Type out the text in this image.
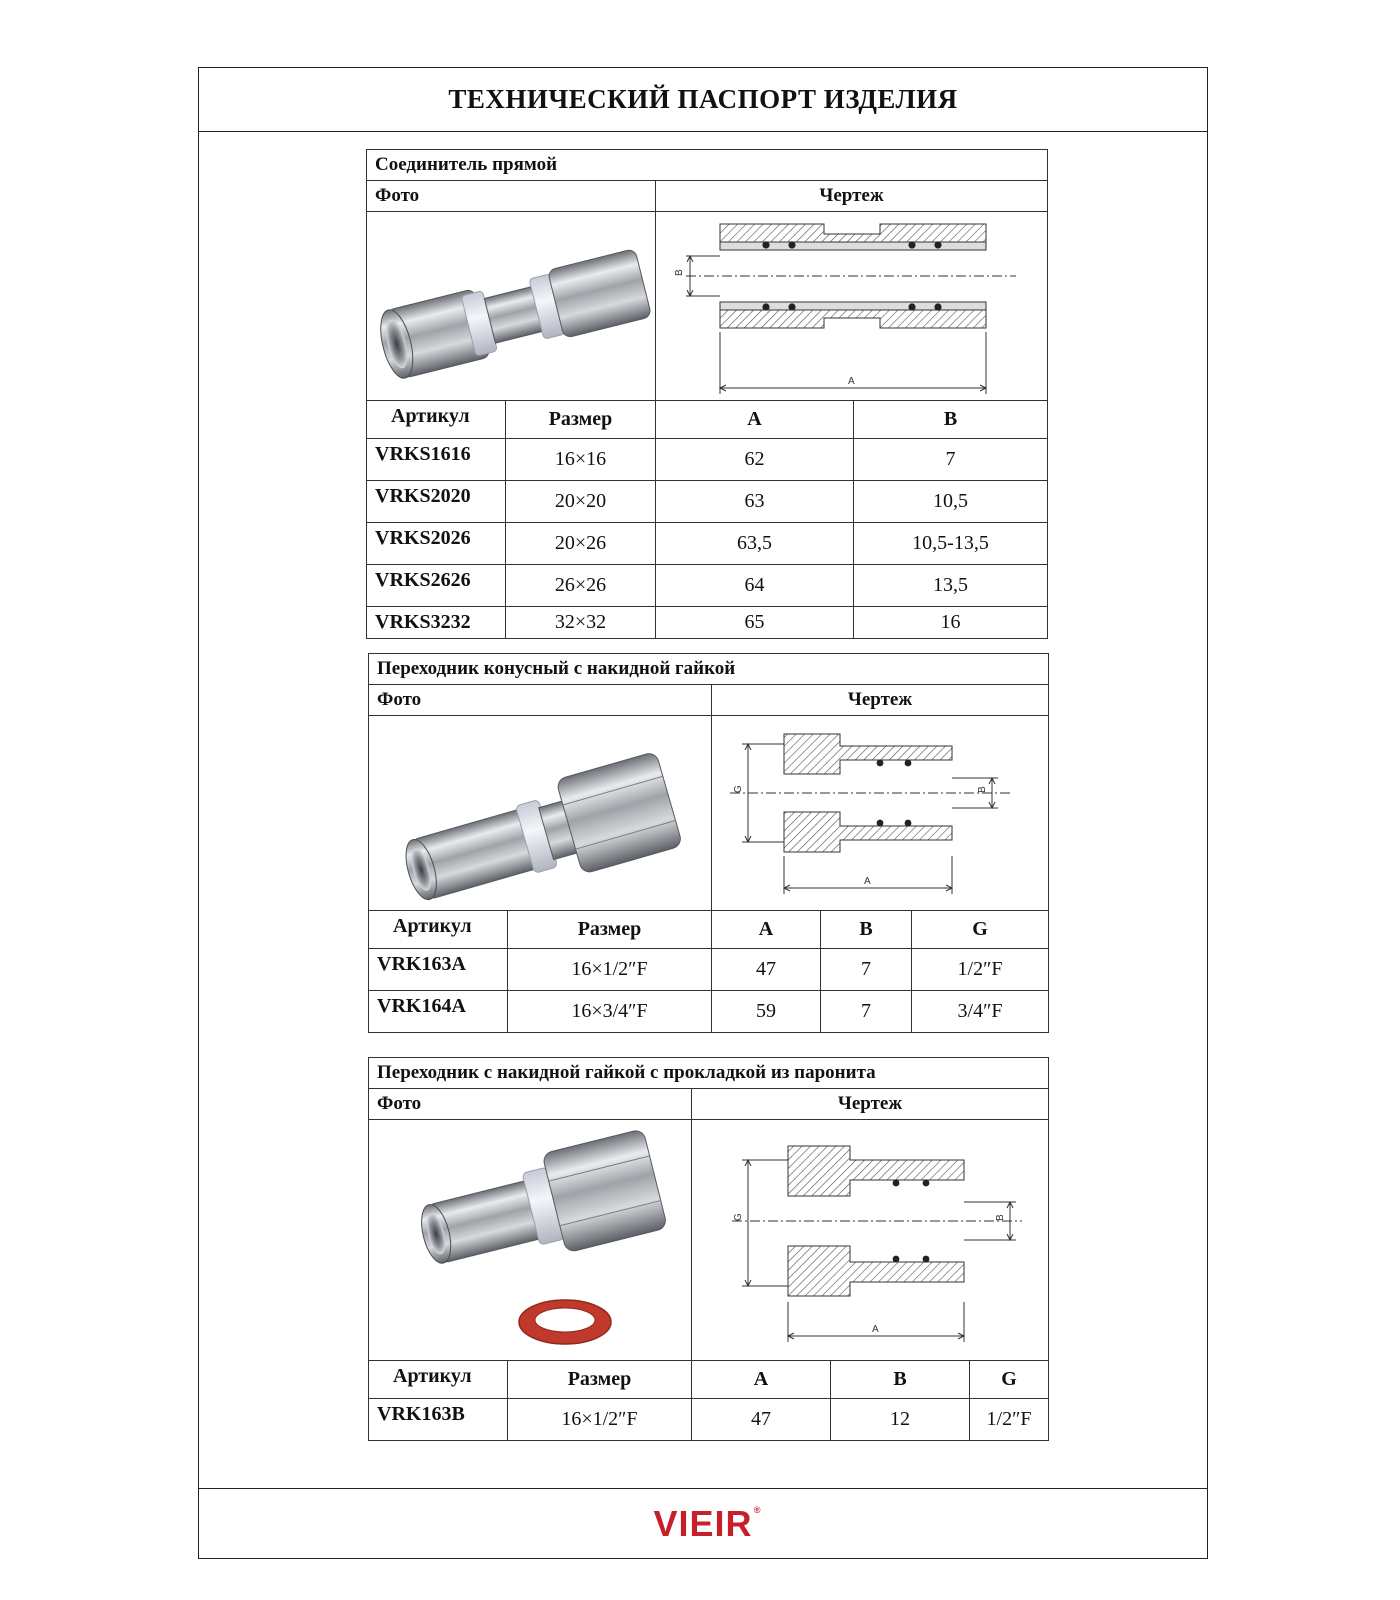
ТЕХНИЧЕСКИЙ ПАСПОРТ ИЗДЕЛИЯ
VIEIR ®
Соединитель прямой			
Фото		Чертеж	

B
A	

Артикул	Размер	A	B
VRKS1616	16×16	62	7
VRKS2020	20×20	63	10,5
VRKS2026	20×26	63,5	10,5-13,5
VRKS2626	26×26	64	13,5
VRKS3232	32×32	65	16
Переходник конусный с накидной гайкой				
Фото		Чертеж		

G B
A		

Артикул	Размер	A	B	G
VRK163A	16×1/2″F	47	7	1/2″F
VRK164A	16×3/4″F	59	7	3/4″F
Переходник с накидной гайкой с прокладкой из паронита				
Фото		Чертеж		

G B
A		

Артикул	Размер	A	B	G
VRK163B	16×1/2″F	47	12	1/2″F
